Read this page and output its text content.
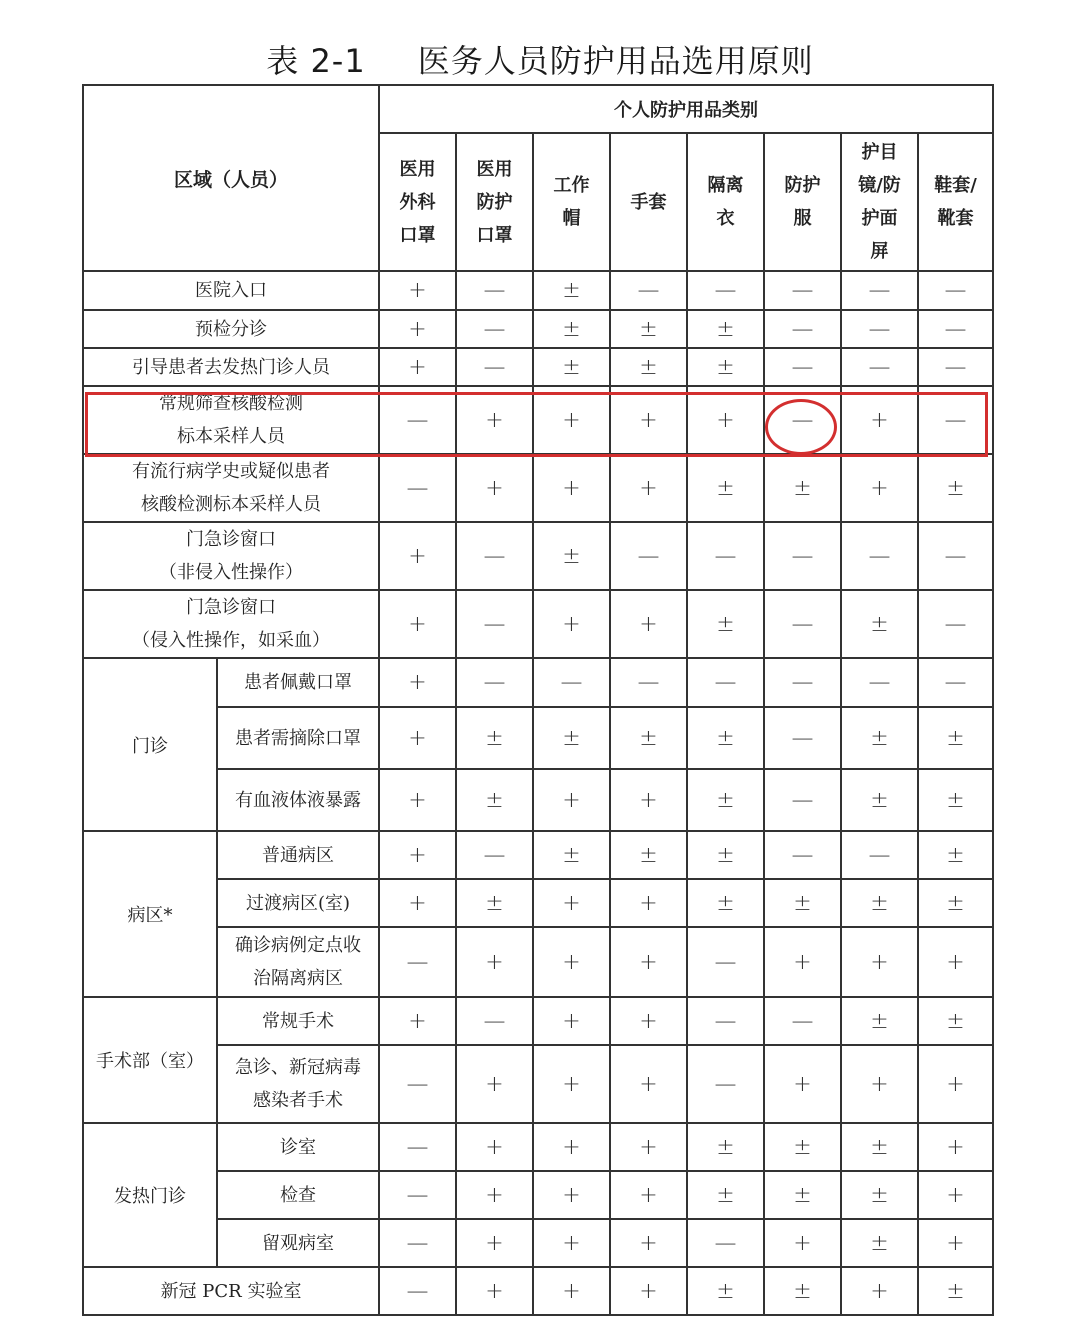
表 2-1 医务人员防护用品选用原则
区域（人员）		个人防护用品类别							

		医用外科口罩	医用防护口罩	工作帽	手套	隔离衣	防护服	护目镜/防护面屏	鞋套/靴套

医院入口		+	—	±	—	—	—	—	—
预检分诊		+	—	±	±	±	—	—	—
引导患者去发热门诊人员		+	—	±	±	±	—	—	—

常规筛查核酸检测
标本采样人员		—	+	+	+	+	—	+	—

有流行病学史或疑似患者
核酸检测标本采样人员		—	+	+	+	±	±	+	±

门急诊窗口
（非侵入性操作）		+	—	±	—	—	—	—	—

门急诊窗口
（侵入性操作，如采血）		+	—	+	+	±	—	±	—
门诊	患者佩戴口罩	+	—	—	—	—	—	—	—
	患者需摘除口罩	+	±	±	±	±	—	±	±
	有血液体液暴露	+	±	+	+	±	—	±	±
病区*	普通病区	+	—	±	±	±	—	—	±
	过渡病区(室)	+	±	+	+	±	±	±	±

	确诊病例定点收
治隔离病区	—	+	+	+	—	+	+	+
手术部（室）	常规手术	+	—	+	+	—	—	±	±

	急诊、新冠病毒
感染者手术	—	+	+	+	—	+	+	+
发热门诊	诊室	—	+	+	+	±	±	±	+
	检查	—	+	+	+	±	±	±	+
	留观病室	—	+	+	+	—	+	±	+
新冠 PCR 实验室		—	+	+	+	±	±	+	±
